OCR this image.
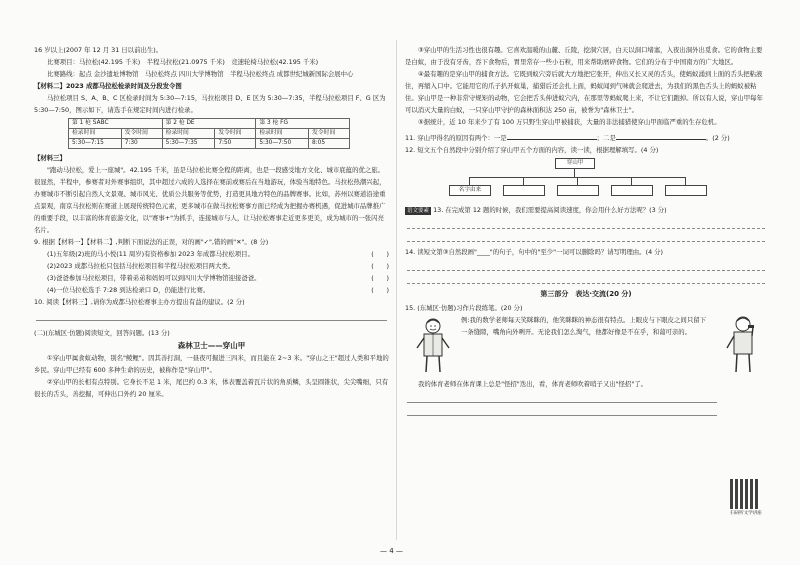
16 岁以上(2007 年 12 月 31 日以前出生)。

比赛项目：马拉松(42.195 千米)　半程马拉松(21.0975 千米)　竞速轮椅马拉松(42.195 千米)

比赛路线：起点 金沙遗址博物馆　马拉松终点 四川大学博物馆　半程马拉松终点 成都世纪城新国际会展中心

【材料二】2023 成都马拉松检录时间及分段发令图

马拉松项目 S、A、B、C 区检录时间为 5:30—7:15，马拉松项目 D、E 区为 5:30—7:35，半程马拉松项目 F、G 区为 5:30—7:50，图示如下，请选手在规定时间内进行检录。

第 1 枪 SABC		第 2 枪 DE		第 3 枪 FG	
检录时间	发令时间	检录时间	发令时间	检录时间	发令时间
5:30—7:15	7:30	5:30—7:35	7:50	5:30—7:50	8:05

【材料三】

"跑动马拉松，爱上一座城"。42.195 千米，虽是马拉松比赛全程的距离，也是一段感受地方文化、城市底蕴的优之旅。很显然，半程中，参赛者对外赛事组织，其中超过六成的人选择在赛前或赛后在当地游玩，体验当地特色。马拉松热潮兴起，办赛城市不断引起自然人文景观、城市风光、优质公共服务等优势，打造更具地方特色的品牌赛事。比如，苏州以赛道沿途重点景观，南京马拉松则在赛道上展现传统特色元素，更多城市在做马拉松赛事方面已经成为把握办赛机遇，促进城市品牌推广的重要手段，以丰富的体育旅游文化，以"赛事+"为抓手，连接城市与人，让马拉松赛事走近更多更美，成为城市的一张闪亮名片。

9. 根据【材料一】【材料二】,判断下面说法的正误，对的画"✓",错的画"✕"。(8 分)

(1)五年级(2)班的马小悦(11 周岁)有资格参加 2023 年成都马拉松项目。	(　　)

(2)2023 成都马拉松只包括马拉松项目和半程马拉松项目两大类。	(　　)

(3)爸爸参加马拉松项目，带着弟弟和妈妈可以到四川大学博物馆迎接爸爸。	(　　)

(4)一位马拉松选手 7:28 到达检录口 D，仍能进行比赛。	(　　)

10. 阅读【材料三】,请你为成都马拉松赛事主办方提出有益的建议。(2 分)

(二)(东城区·仿题)阅读短文，回答问题。(13 分)

森林卫士——穿山甲

①穿山甲属食蚁动物，别名"鲮鲤"。因其善打洞，一昼夜可掘进三四米，而且能在 2~3 米。"穿山之王"超过人类和平地的乡民。穿山甲已经有 600 多种生命的历史，被称作是"穿山甲"。

②穿山甲的长相有点特别。它身长不足 1 米，尾巴约 0.3 米，体表覆盖着瓦片状的角质鳞，头呈圆锥状，尖尖嘴细，只有很长的舌头，善挖掘，可伸出口外约 20 厘米。

③穿山甲的生活习性也很有趣。它喜欢温暖的山麓、丘陵，挖洞穴居，白天以洞口堵塞，入夜出洞外出觅食。它的食物主要是白蚁，由于没有牙齿，吞下食物后，胃里常存一些小石粒，用来帮助磨碎食物。它们的分布于中国南方的广大地区。

④最有趣的是穿山甲的捕食方法。它既到蚁穴旁后就大方地把它张开，伸出又长又灵的舌头，使蚂蚁涌到上面的舌头把粘液住，再缩入口中。它能用它的爪子扒开蚁巢，捕猎后还会扎上面，蚂蚁闻到气味就会爬进去，为我们的黑色舌头上的蚂蚁被粘住。穿山甲是一种非常守规矩的动物，它会把舌头伸进蚁穴内，在那里等蚂蚁爬上来，不让它们跑掉。所以有人说，穿山甲每年可以消灭大量的白蚁，一只穿山甲守护的森林面积达 250 亩，被誉为"森林卫士"。

⑤据统计，近 10 年来少了有 100 万只野生穿山甲被捕获，大量的非法捕猎使穿山甲面临严重的生存危机。

11. 穿山甲得名的原因有两个：一是	；二是	。(2 分)

12. 短文五个自然段中分别介绍了穿山甲五个方面的内容，读一读，根据理解填写。(4 分)

穿山甲
名字由来

语文要素 13. 在完成第 12 题的时候，我们需要提高阅读速度，你会用什么好方法呢？(3 分)

14. 读短文第③自然段画"____"的句子，句中的"至少"一词可以删除吗？请写明理由。(4 分)

第三部分　表达·交流(20 分)

15. (东城区·仿题)习作片段练笔。(20 分)

例:我的数学老师每天笑眯眯的，他笑眯眯的神态很有特点。上眼皮与下眼皮之间只留下一条缝隙，嘴角向外咧开。无论我们怎么淘气，他都好像是不在乎，和蔼可亲的。

我的体育老师在体育课上总是"怪招"迭出，看，体育老师吹着哨子又出"怪招"了。

扫码听文学讲座
— 4 —
